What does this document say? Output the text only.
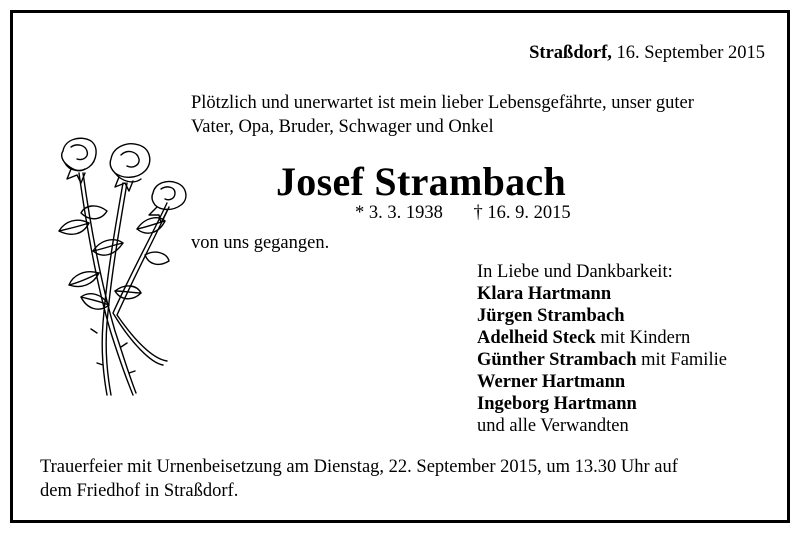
Straßdorf, 16. September 2015
Plötzlich und unerwartet ist mein lieber Lebensgefährte, unser guter
Vater, Opa, Bruder, Schwager und Onkel
Josef Strambach
* 3. 3. 1938 † 16. 9. 2015
von uns gegangen.
In Liebe und Dankbarkeit:
Klara Hartmann
Jürgen Strambach
Adelheid Steck mit Kindern
Günther Strambach mit Familie
Werner Hartmann
Ingeborg Hartmann
und alle Verwandten
Trauerfeier mit Urnenbeisetzung am Dienstag, 22. September 2015, um 13.30 Uhr auf
dem Friedhof in Straßdorf.
